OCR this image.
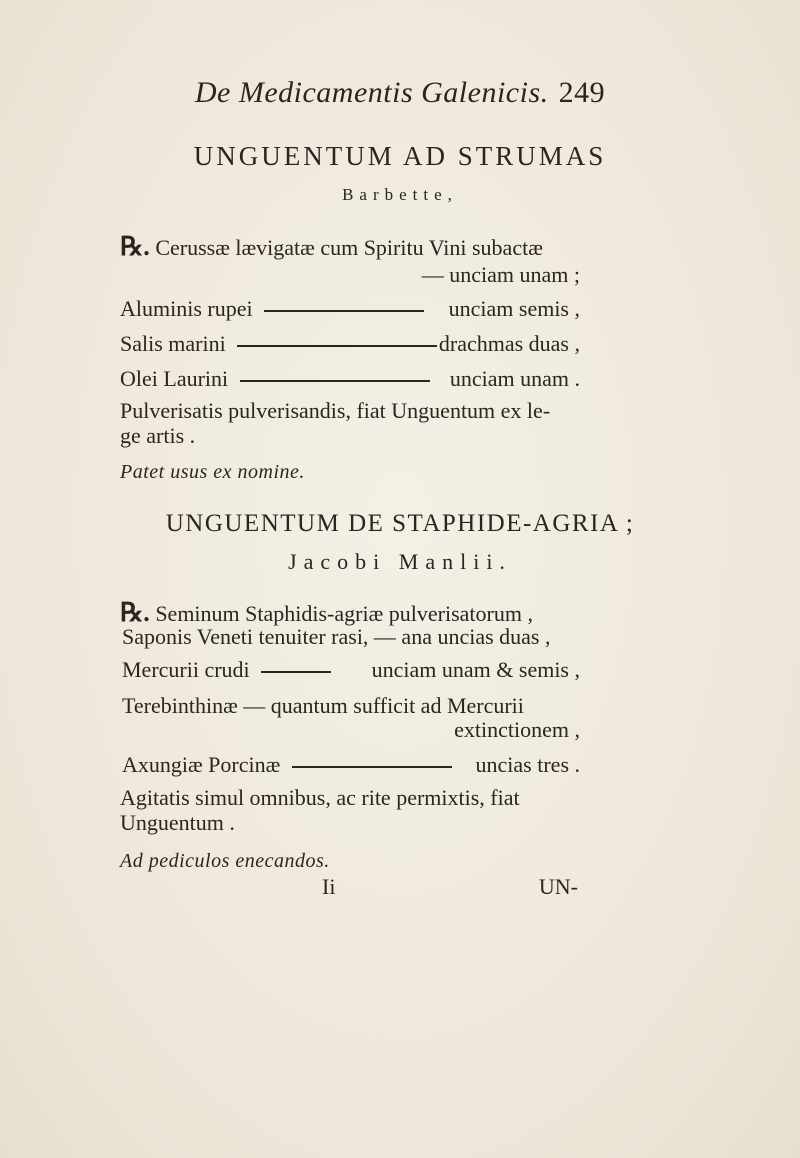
De Medicamentis Galenicis. 249
UNGUENTUM AD STRUMAS
Barbette,
℞. Cerussæ lævigatæ cum Spiritu Vini subactæ
— unciam unam ;
Aluminis rupei	unciam semis ,
Salis marini	drachmas duas ,
Olei Laurini	unciam unam .
Pulverisatis pulverisandis, fiat Unguentum ex le-
ge artis .
Patet usus ex nomine.
UNGUENTUM DE STAPHIDE-AGRIA ;
Jacobi Manlii.
℞. Seminum Staphidis-agriæ pulverisatorum ,
Saponis Veneti tenuiter rasi, — ana uncias duas ,
Mercurii crudi	unciam unam & semis ,
Terebinthinæ — quantum sufficit ad Mercurii
extinctionem ,
Axungiæ Porcinæ	uncias tres .
Agitatis simul omnibus, ac rite permixtis, fiat
Unguentum .
Ad pediculos enecandos.
Ii	UN-
